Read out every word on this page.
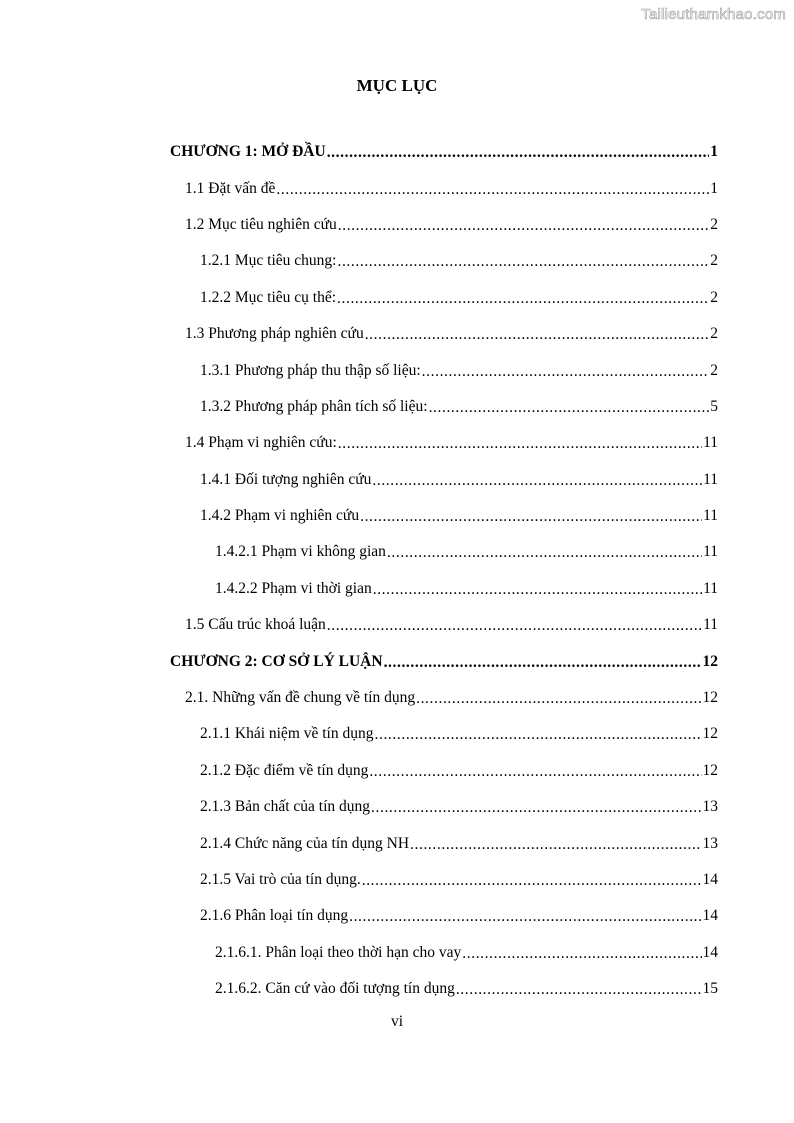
Tailieuthamkhao.com
MỤC LỤC
CHƯƠNG 1: MỞ ĐẦU .....	1
1.1 Đặt vấn đề .....	1
1.2 Mục tiêu nghiên cứu .....	2
1.2.1 Mục tiêu chung: .....	2
1.2.2 Mục tiêu cụ thể: .....	2
1.3 Phương pháp nghiên cứu .....	2
1.3.1 Phương pháp thu thập số liệu: .....	2
1.3.2 Phương pháp phân tích số liệu: .....	5
1.4 Phạm vi nghiên cứu: .....	11
1.4.1 Đối tượng nghiên cứu .....	11
1.4.2 Phạm vi nghiên cứu .....	11
1.4.2.1 Phạm vi không gian .....	11
1.4.2.2 Phạm vi thời gian .....	11
1.5 Cấu trúc khoá luận .....	11
CHƯƠNG 2: CƠ SỞ LÝ LUẬN .....	12
2.1. Những vấn đề chung về tín dụng .....	12
2.1.1 Khái niệm về tín dụng .....	12
2.1.2 Đặc điểm về tín dụng .....	12
2.1.3 Bản chất của tín dụng .....	13
2.1.4 Chức năng của tín dụng NH .....	13
2.1.5 Vai trò của tín dụng. .....	14
2.1.6 Phân loại tín dụng .....	14
2.1.6.1. Phân loại theo thời hạn cho vay .....	14
2.1.6.2. Căn cứ vào đối tượng tín dụng .....	15
vi
